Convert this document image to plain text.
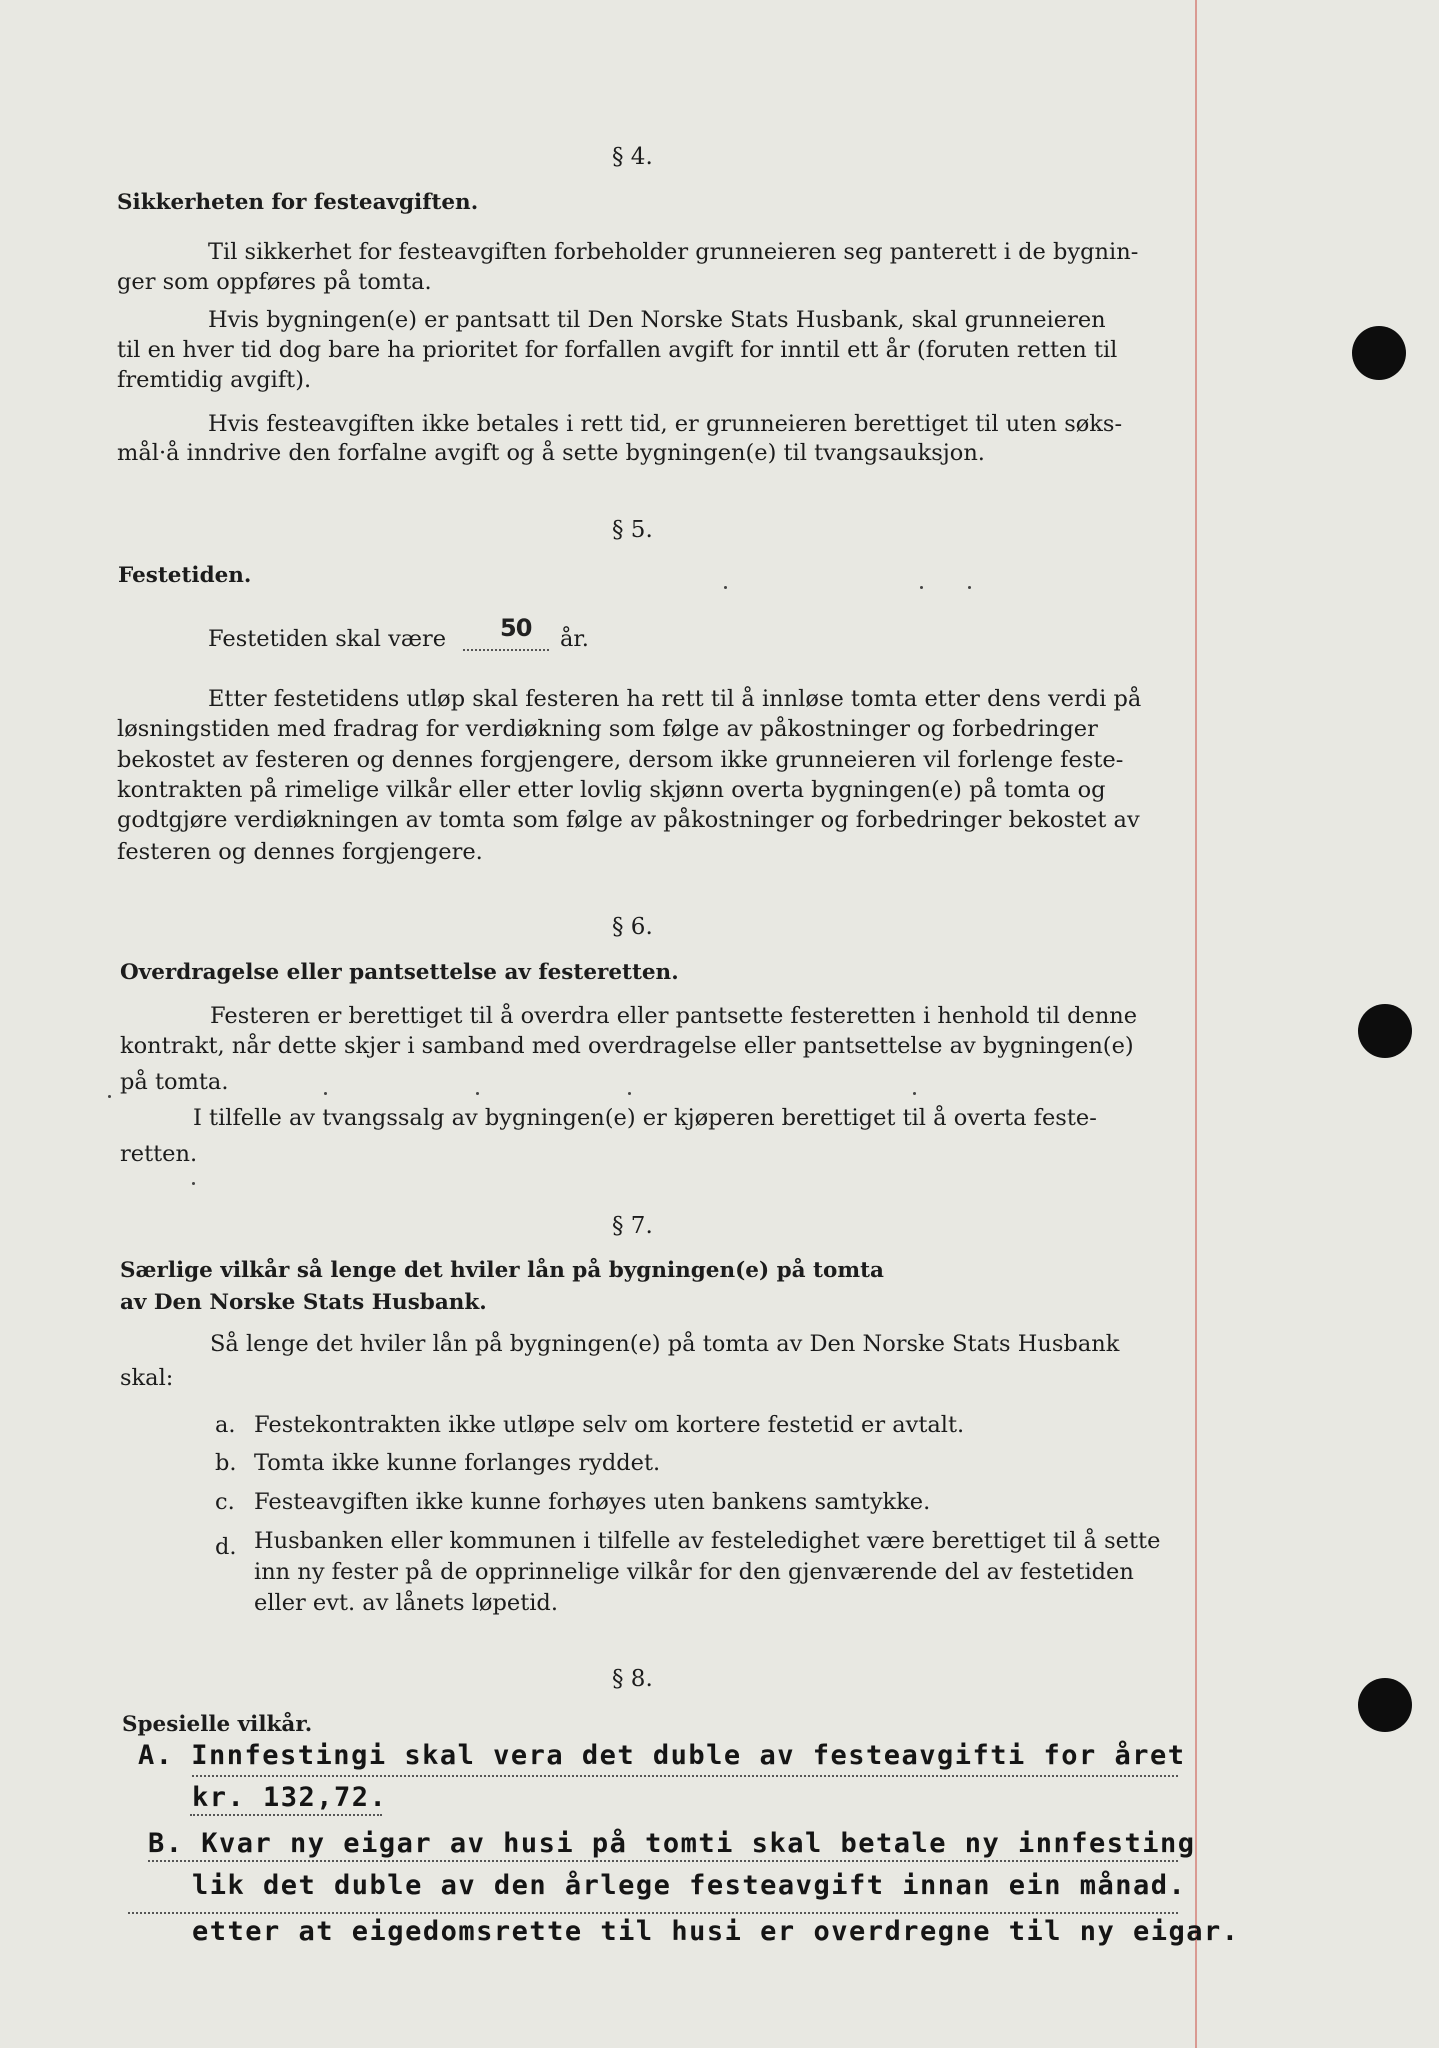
§ 4.
Sikkerheten for festeavgiften.
Til sikkerhet for festeavgiften forbeholder grunneieren seg panterett i de bygnin-
ger som oppføres på tomta.
Hvis bygningen(e) er pantsatt til Den Norske Stats Husbank, skal grunneieren
til en hver tid dog bare ha prioritet for forfallen avgift for inntil ett år (foruten retten til
fremtidig avgift).
Hvis festeavgiften ikke betales i rett tid, er grunneieren berettiget til uten søks-
mål·å inndrive den forfalne avgift og å sette bygningen(e) til tvangsauksjon.
§ 5.
Festetiden.
Festetiden skal være 50 år.
Etter festetidens utløp skal festeren ha rett til å innløse tomta etter dens verdi på
løsningstiden med fradrag for verdiøkning som følge av påkostninger og forbedringer
bekostet av festeren og dennes forgjengere, dersom ikke grunneieren vil forlenge feste-
kontrakten på rimelige vilkår eller etter lovlig skjønn overta bygningen(e) på tomta og
godtgjøre verdiøkningen av tomta som følge av påkostninger og forbedringer bekostet av
festeren og dennes forgjengere.
§ 6.
Overdragelse eller pantsettelse av festeretten.
Festeren er berettiget til å overdra eller pantsette festeretten i henhold til denne
kontrakt, når dette skjer i samband med overdragelse eller pantsettelse av bygningen(e)
på tomta.
I tilfelle av tvangssalg av bygningen(e) er kjøperen berettiget til å overta feste-
retten.
§ 7.
Særlige vilkår så lenge det hviler lån på bygningen(e) på tomta
av Den Norske Stats Husbank.
Så lenge det hviler lån på bygningen(e) på tomta av Den Norske Stats Husbank
skal:
a. Festekontrakten ikke utløpe selv om kortere festetid er avtalt.
b. Tomta ikke kunne forlanges ryddet.
c. Festeavgiften ikke kunne forhøyes uten bankens samtykke.
d. Husbanken eller kommunen i tilfelle av festeledighet være berettiget til å sette
inn ny fester på de opprinnelige vilkår for den gjenværende del av festetiden
eller evt. av lånets løpetid.
§ 8.
Spesielle vilkår.
A. Innfestingi skal vera det duble av festeavgifti for året
kr. 132,72.
B. Kvar ny eigar av husi på tomti skal betale ny innfesting
lik det duble av den årlege festeavgift innan ein månad.
etter at eigedomsrette til husi er overdregne til ny eigar.
